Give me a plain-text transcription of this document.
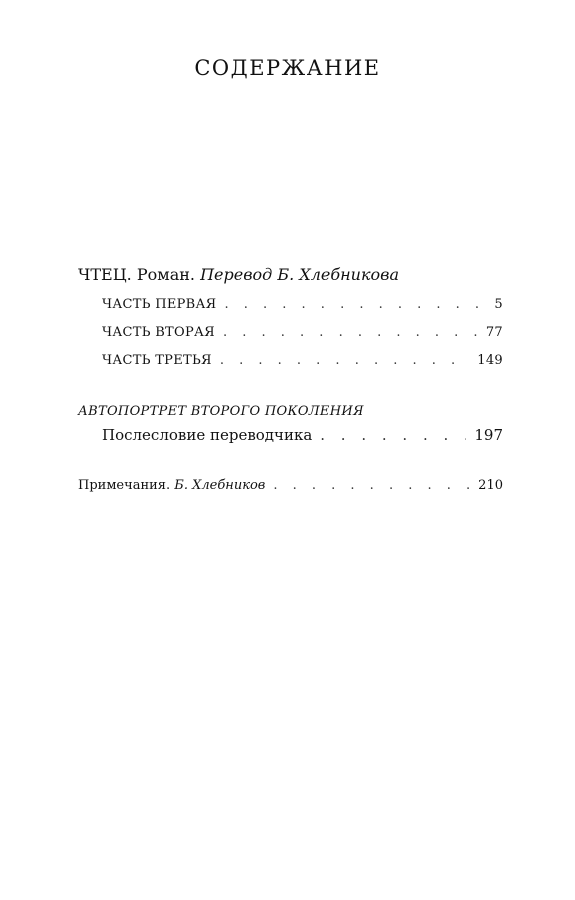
СОДЕРЖАНИЕ
ЧТЕЦ. Роман. Перевод Б. Хлебникова
ЧАСТЬ ПЕРВАЯ . . .	5
ЧАСТЬ ВТОРАЯ . . .	77
ЧАСТЬ ТРЕТЬЯ . . .	149
АВТОПОРТРЕТ ВТОРОГО ПОКОЛЕНИЯ
Послесловие переводчика . . .	197
Примечания. Б. Хлебников . . .	210
